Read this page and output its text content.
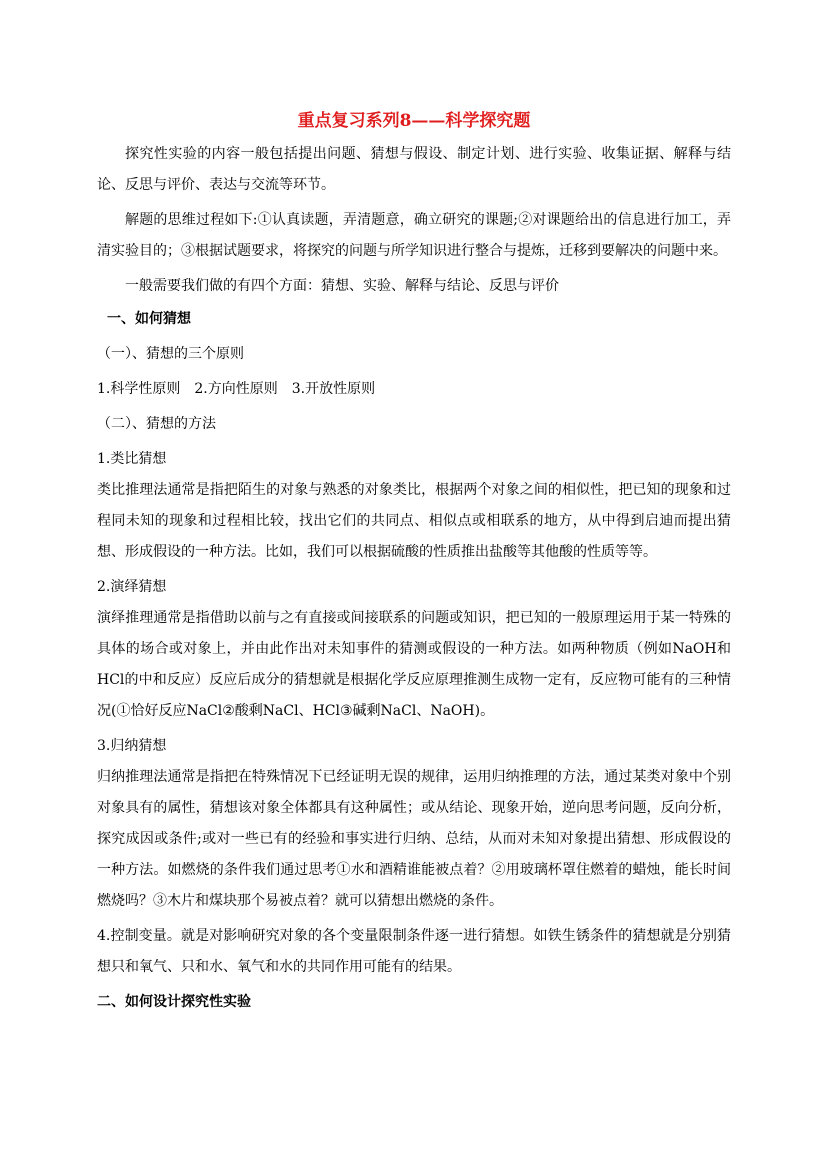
重点复习系列8——科学探究题

探究性实验的内容一般包括提出问题、猜想与假设、制定计划、进行实验、收集证据、解释与结论、反思与评价、表达与交流等环节。

解题的思维过程如下:①认真读题，弄清题意，确立研究的课题;②对课题给出的信息进行加工，弄清实验目的；③根据试题要求，将探究的问题与所学知识进行整合与提炼，迁移到要解决的问题中来。

一般需要我们做的有四个方面：猜想、实验、解释与结论、反思与评价

一、如何猜想

（一）、猜想的三个原则

1.科学性原则　2.方向性原则　3.开放性原则

（二）、猜想的方法

1.类比猜想

类比推理法通常是指把陌生的对象与熟悉的对象类比，根据两个对象之间的相似性，把已知的现象和过程同未知的现象和过程相比较，找出它们的共同点、相似点或相联系的地方，从中得到启迪而提出猜想、形成假设的一种方法。比如，我们可以根据硫酸的性质推出盐酸等其他酸的性质等等。

2.演绎猜想

演绎推理通常是指借助以前与之有直接或间接联系的问题或知识，把已知的一般原理运用于某一特殊的具体的场合或对象上，并由此作出对未知事件的猜测或假设的一种方法。如两种物质（例如NaOH和HCl的中和反应）反应后成分的猜想就是根据化学反应原理推测生成物一定有，反应物可能有的三种情况(①恰好反应NaCl②酸剩NaCl、HCl③碱剩NaCl、NaOH)。

3.归纳猜想

归纳推理法通常是指把在特殊情况下已经证明无误的规律，运用归纳推理的方法，通过某类对象中个别对象具有的属性，猜想该对象全体都具有这种属性；或从结论、现象开始，逆向思考问题，反向分析，探究成因或条件;或对一些已有的经验和事实进行归纳、总结，从而对未知对象提出猜想、形成假设的一种方法。如燃烧的条件我们通过思考①水和酒精谁能被点着？②用玻璃杯罩住燃着的蜡烛，能长时间燃烧吗？③木片和煤块那个易被点着？就可以猜想出燃烧的条件。

4.控制变量。就是对影响研究对象的各个变量限制条件逐一进行猜想。如铁生锈条件的猜想就是分别猜想只和氧气、只和水、氧气和水的共同作用可能有的结果。

二、如何设计探究性实验
